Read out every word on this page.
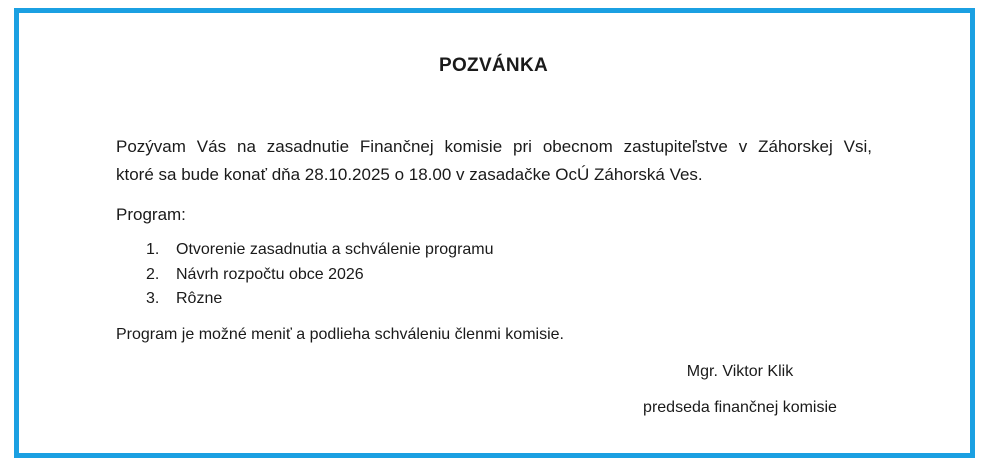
POZVÁNKA
Pozývam Vás na zasadnutie Finančnej komisie pri obecnom zastupiteľstve v Záhorskej Vsi,
ktoré sa bude konať dňa 28.10.2025 o 18.00 v zasadačke OcÚ Záhorská Ves.
Program:
1.	Otvorenie zasadnutia a schválenie programu
2.	Návrh rozpočtu obce 2026
3.	Rôzne
Program je možné meniť a podlieha schváleniu členmi komisie.
Mgr. Viktor Klik
predseda finančnej komisie
